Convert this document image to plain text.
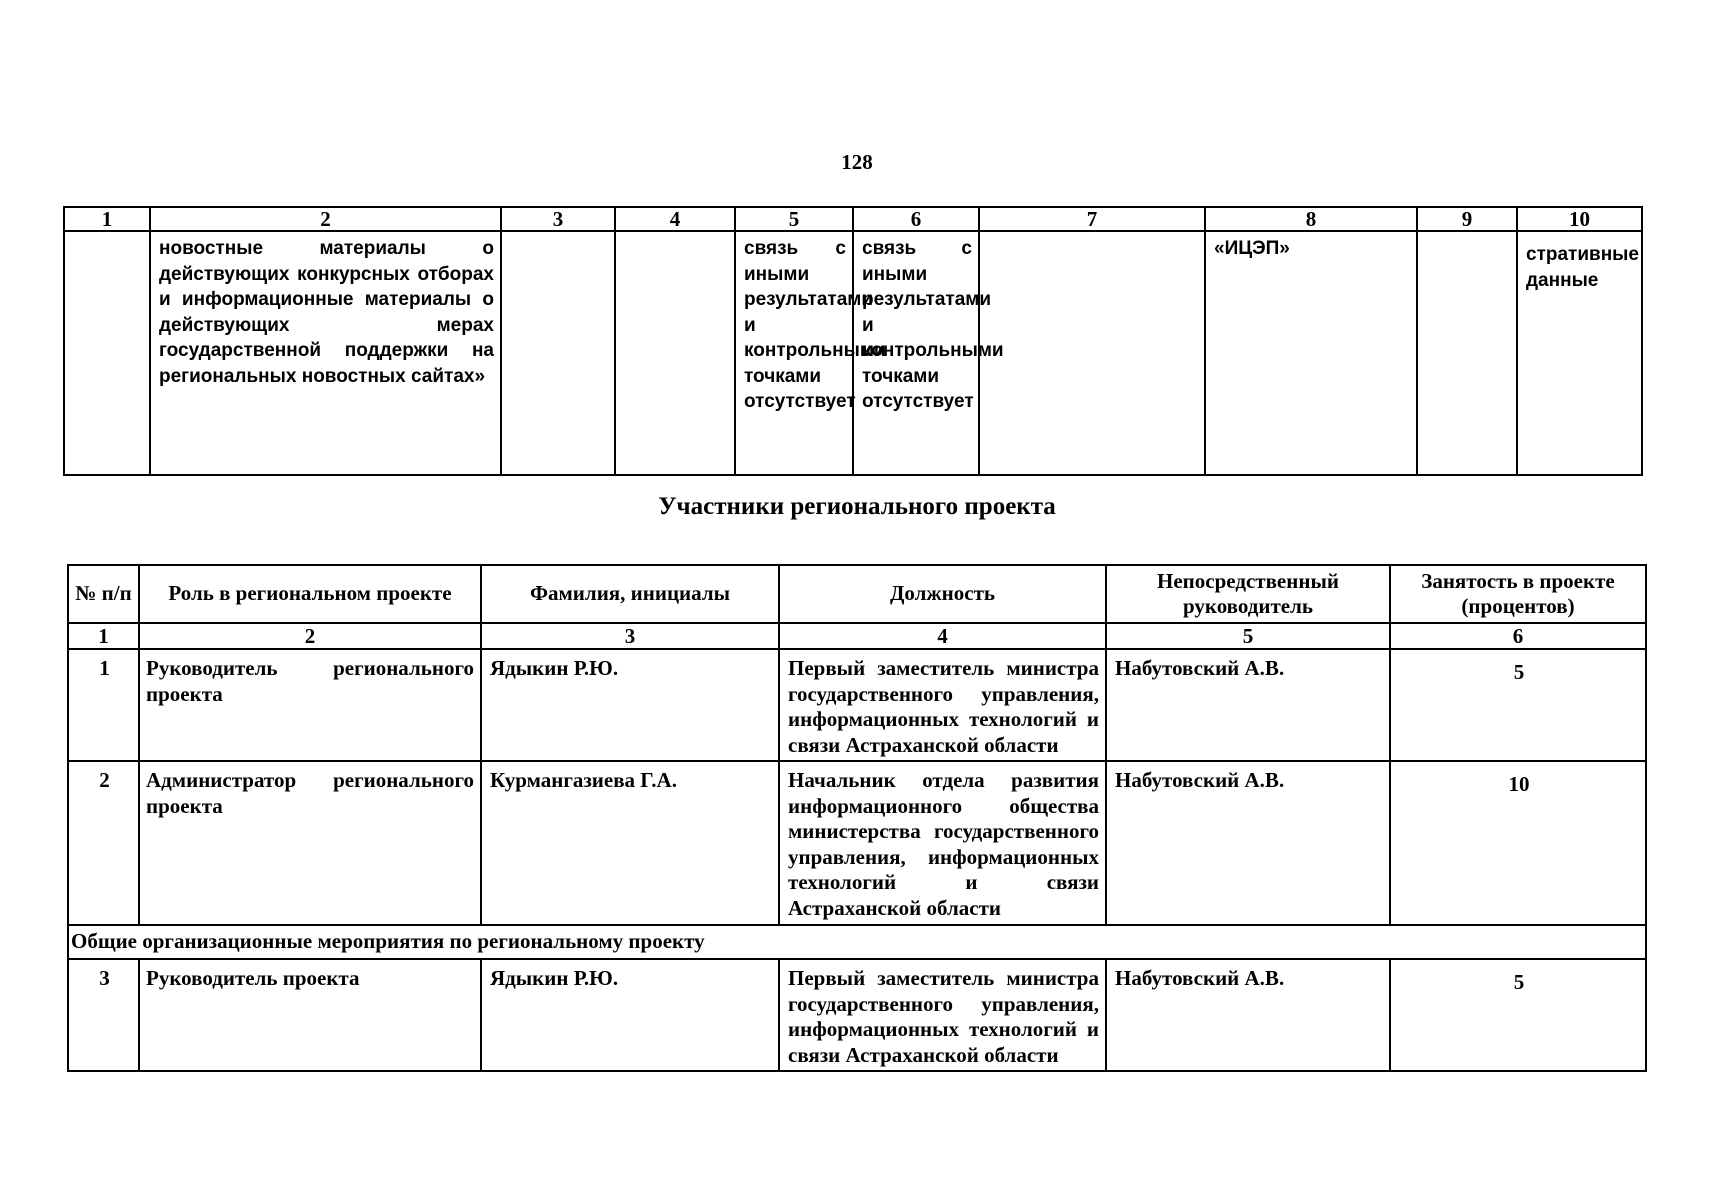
128
1	2	3	4	5	6	7	8	9	10

	новостные материалы о действующих конкурсных отборах и информационные материалы о действующих мерах государственной поддержки на региональных новостных сайтах»			связь с иными результатами и контрольными точками отсутствует	связь с иными результатами и контрольными точками отсутствует		«ИЦЭП»		стративные данные
Участники регионального проекта
№ п/п	Роль в региональном проекте	Фамилия, инициалы	Должность	Непосредственный руководитель	Занятость в проекте (процентов)
1	2	3	4	5	6

1	Руководитель регионального проекта	Ядыкин Р.Ю.	Первый заместитель министра государственного управления, информационных технологий и связи Астраханской области	Набутовский А.В.	5

2	Администратор регионального проекта	Курмангазиева Г.А.	Начальник отдела развития информационного общества министерства государственного управления, информационных технологий и связи Астраханской области	Набутовский А.В.	10

Общие организационные мероприятия по региональному проекту					

3	Руководитель проекта	Ядыкин Р.Ю.	Первый заместитель министра государственного управления, информационных технологий и связи Астраханской области	Набутовский А.В.	5
